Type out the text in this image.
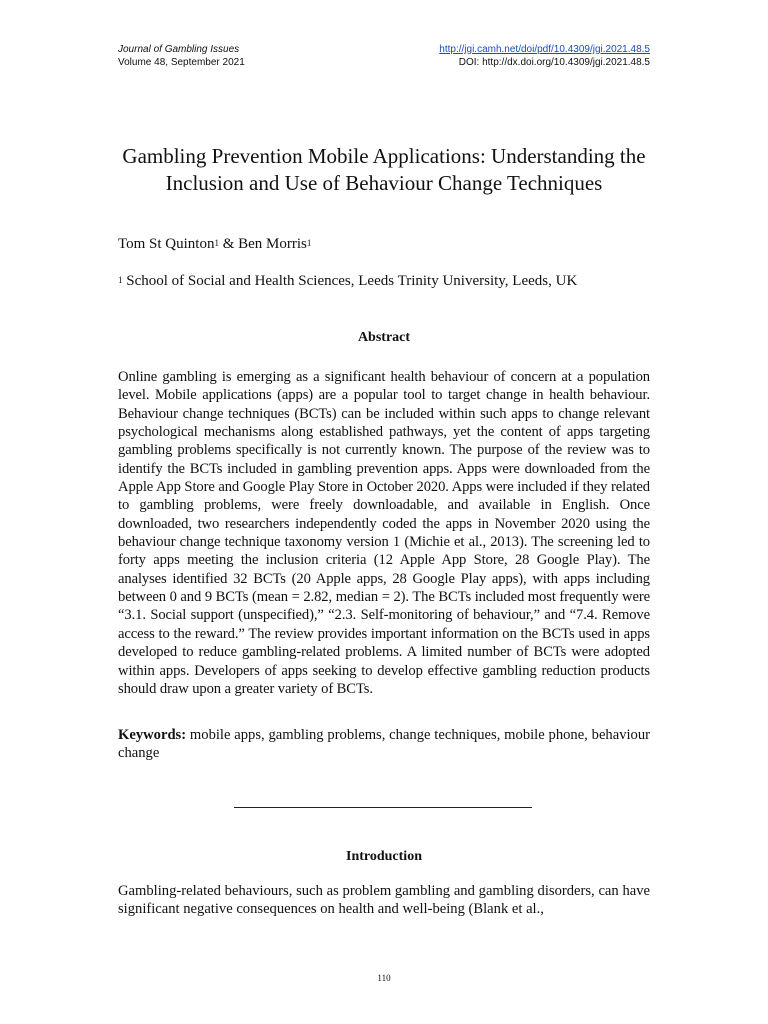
Journal of Gambling Issues
Volume 48, September 2021
http://jgi.camh.net/doi/pdf/10.4309/jgi.2021.48.5
DOI: http://dx.doi.org/10.4309/jgi.2021.48.5
Gambling Prevention Mobile Applications: Understanding the Inclusion and Use of Behaviour Change Techniques
Tom St Quinton$^1$ & Ben Morris$^1$
$^1$ School of Social and Health Sciences, Leeds Trinity University, Leeds, UK
Abstract

Online gambling is emerging as a significant health behaviour of concern at a population level. Mobile applications (apps) are a popular tool to target change in health behaviour. Behaviour change techniques (BCTs) can be included within such apps to change relevant psychological mechanisms along established pathways, yet the content of apps targeting gambling problems specifically is not currently known. The purpose of the review was to identify the BCTs included in gambling prevention apps. Apps were downloaded from the Apple App Store and Google Play Store in October 2020. Apps were included if they related to gambling problems, were freely downloadable, and available in English. Once downloaded, two researchers independently coded the apps in November 2020 using the behaviour change technique taxonomy version 1 (Michie et al., 2013). The screening led to forty apps meeting the inclusion criteria (12 Apple App Store, 28 Google Play). The analyses identified 32 BCTs (20 Apple apps, 28 Google Play apps), with apps including between 0 and 9 BCTs (mean = 2.82, median = 2). The BCTs included most frequently were “3.1. Social support (unspecified),” “2.3. Self-monitoring of behaviour,” and “7.4. Remove access to the reward.” The review provides important information on the BCTs used in apps developed to reduce gambling-related problems. A limited number of BCTs were adopted within apps. Developers of apps seeking to develop effective gambling reduction products should draw upon a greater variety of BCTs.

Keywords: mobile apps, gambling problems, change techniques, mobile phone, behaviour change

Introduction

Gambling-related behaviours, such as problem gambling and gambling disorders, can have significant negative consequences on health and well-being (Blank et al.,

110
